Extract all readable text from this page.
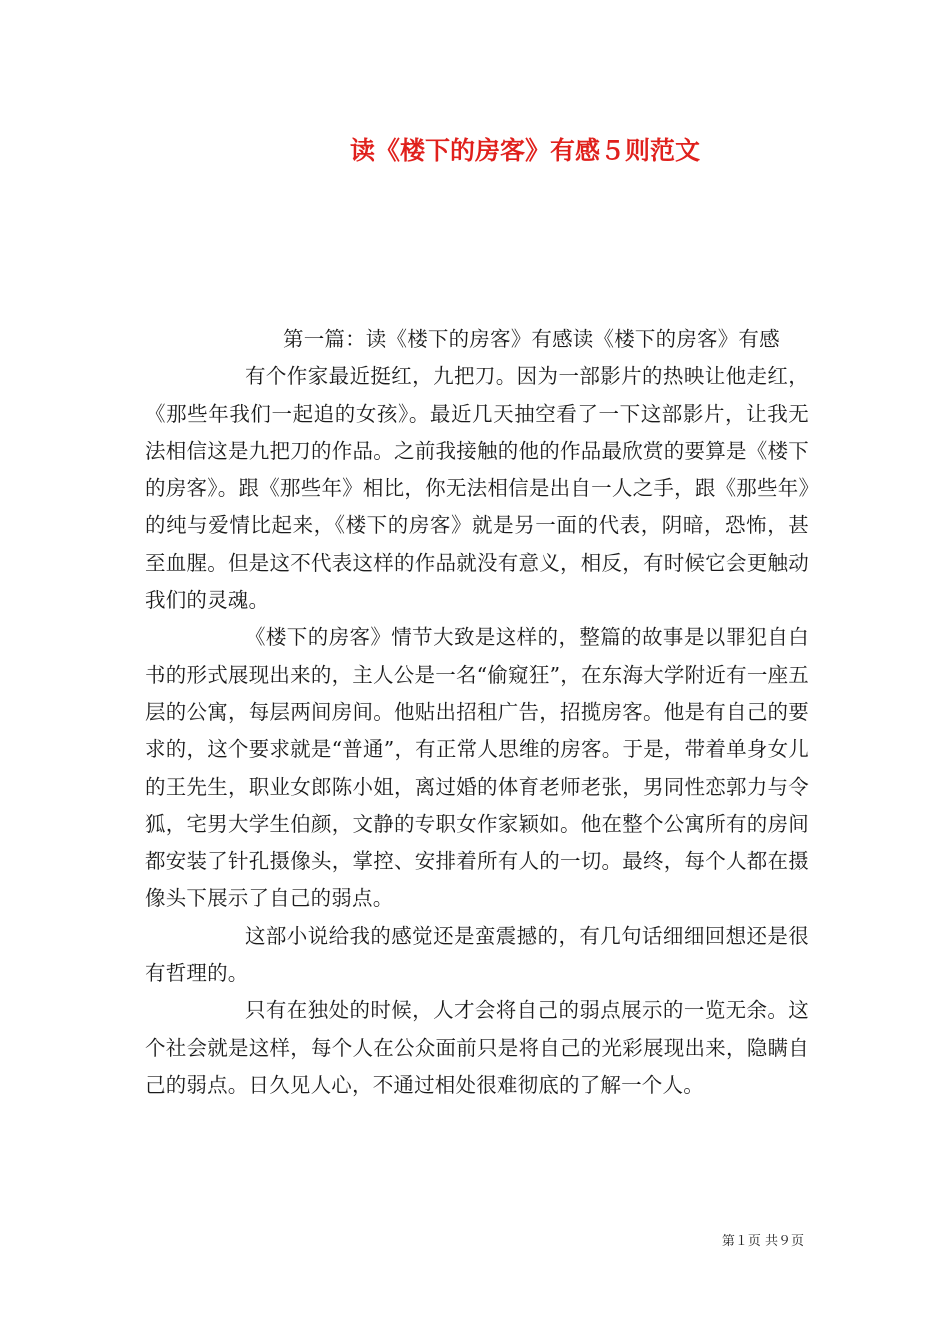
读《楼下的房客》有感５则范文

第一篇：读《楼下的房客》有感读《楼下的房客》有感

有个作家最近挺红，九把刀。因为一部影片的热映让他走红，《那些年我们一起追的女孩》。最近几天抽空看了一下这部影片，让我无法相信这是九把刀的作品。之前我接触的他的作品最欣赏的要算是《楼下的房客》。跟《那些年》相比，你无法相信是出自一人之手，跟《那些年》的纯与爱情比起来，《楼下的房客》就是另一面的代表，阴暗，恐怖，甚至血腥。但是这不代表这样的作品就没有意义，相反，有时候它会更触动我们的灵魂。

《楼下的房客》情节大致是这样的，整篇的故事是以罪犯自白书的形式展现出来的，主人公是一名“偷窥狂”，在东海大学附近有一座五层的公寓，每层两间房间。他贴出招租广告，招揽房客。他是有自己的要求的，这个要求就是“普通”，有正常人思维的房客。于是，带着单身女儿的王先生，职业女郎陈小姐，离过婚的体育老师老张，男同性恋郭力与令狐，宅男大学生伯颜，文静的专职女作家颖如。他在整个公寓所有的房间都安装了针孔摄像头，掌控、安排着所有人的一切。最终，每个人都在摄像头下展示了自己的弱点。

这部小说给我的感觉还是蛮震撼的，有几句话细细回想还是很有哲理的。

只有在独处的时候，人才会将自己的弱点展示的一览无余。这个社会就是这样，每个人在公众面前只是将自己的光彩展现出来，隐瞒自己的弱点。日久见人心，不通过相处很难彻底的了解一个人。

第１页 共９页
